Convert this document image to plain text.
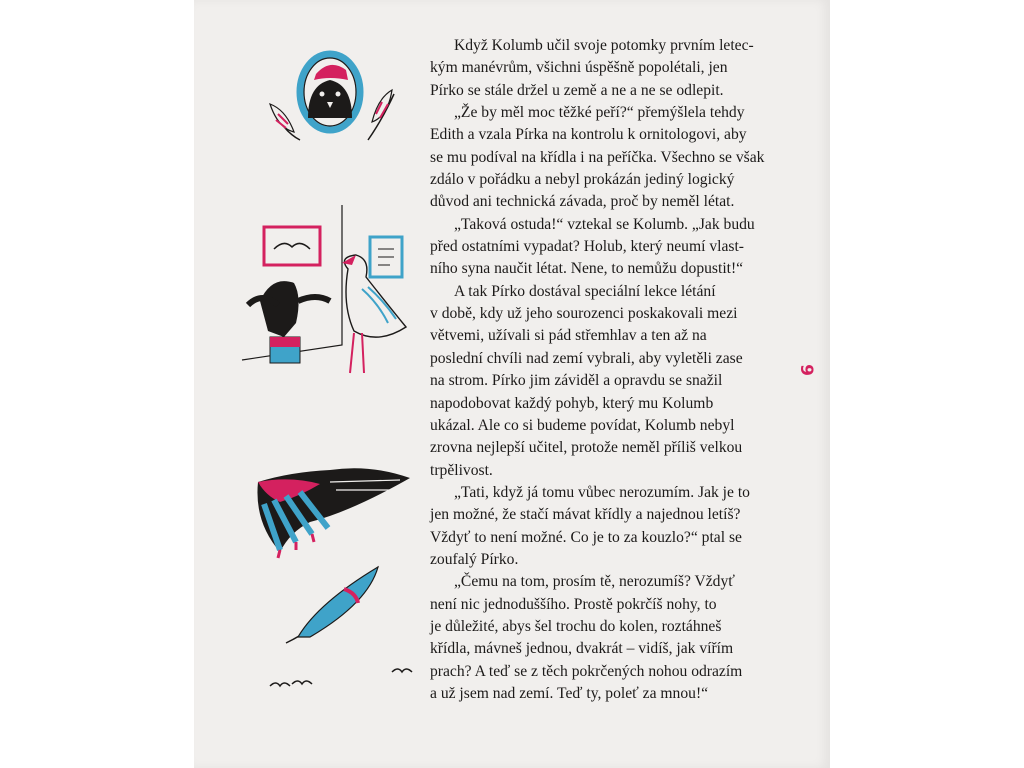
Když Kolumb učil svoje potomky prvním letec-
kým manévrům, všichni úspěšně popolétali, jen
Pírko se stále držel u země a ne a ne se odlepit.

„Že by měl moc těžké peří?“ přemýšlela tehdy
Edith a vzala Pírka na kontrolu k ornitologovi, aby
se mu podíval na křídla i na peříčka. Všechno se však
zdálo v pořádku a nebyl prokázán jediný logický
důvod ani technická závada, proč by neměl létat.

„Taková ostuda!“ vztekal se Kolumb. „Jak budu
před ostatními vypadat? Holub, který neumí vlast-
ního syna naučit létat. Nene, to nemůžu dopustit!“

A tak Pírko dostával speciální lekce létání
v době, kdy už jeho sourozenci poskakovali mezi
větvemi, užívali si pád střemhlav a ten až na
poslední chvíli nad zemí vybrali, aby vyletěli zase
na strom. Pírko jim záviděl a opravdu se snažil
napodobovat každý pohyb, který mu Kolumb
ukázal. Ale co si budeme povídat, Kolumb nebyl
zrovna nejlepší učitel, protože neměl příliš velkou
trpělivost.

„Tati, když já tomu vůbec nerozumím. Jak je to
jen možné, že stačí mávat křídly a najednou letíš?
Vždyť to není možné. Co je to za kouzlo?“ ptal se
zoufalý Pírko.

„Čemu na tom, prosím tě, nerozumíš? Vždyť
není nic jednoduššího. Prostě pokrčíš nohy, to
je důležité, abys šel trochu do kolen, roztáhneš
křídla, mávneš jednou, dvakrát – vidíš, jak vířím
prach? A teď se z těch pokrčených nohou odrazím
a už jsem nad zemí. Teď ty, poleť za mnou!“

9
